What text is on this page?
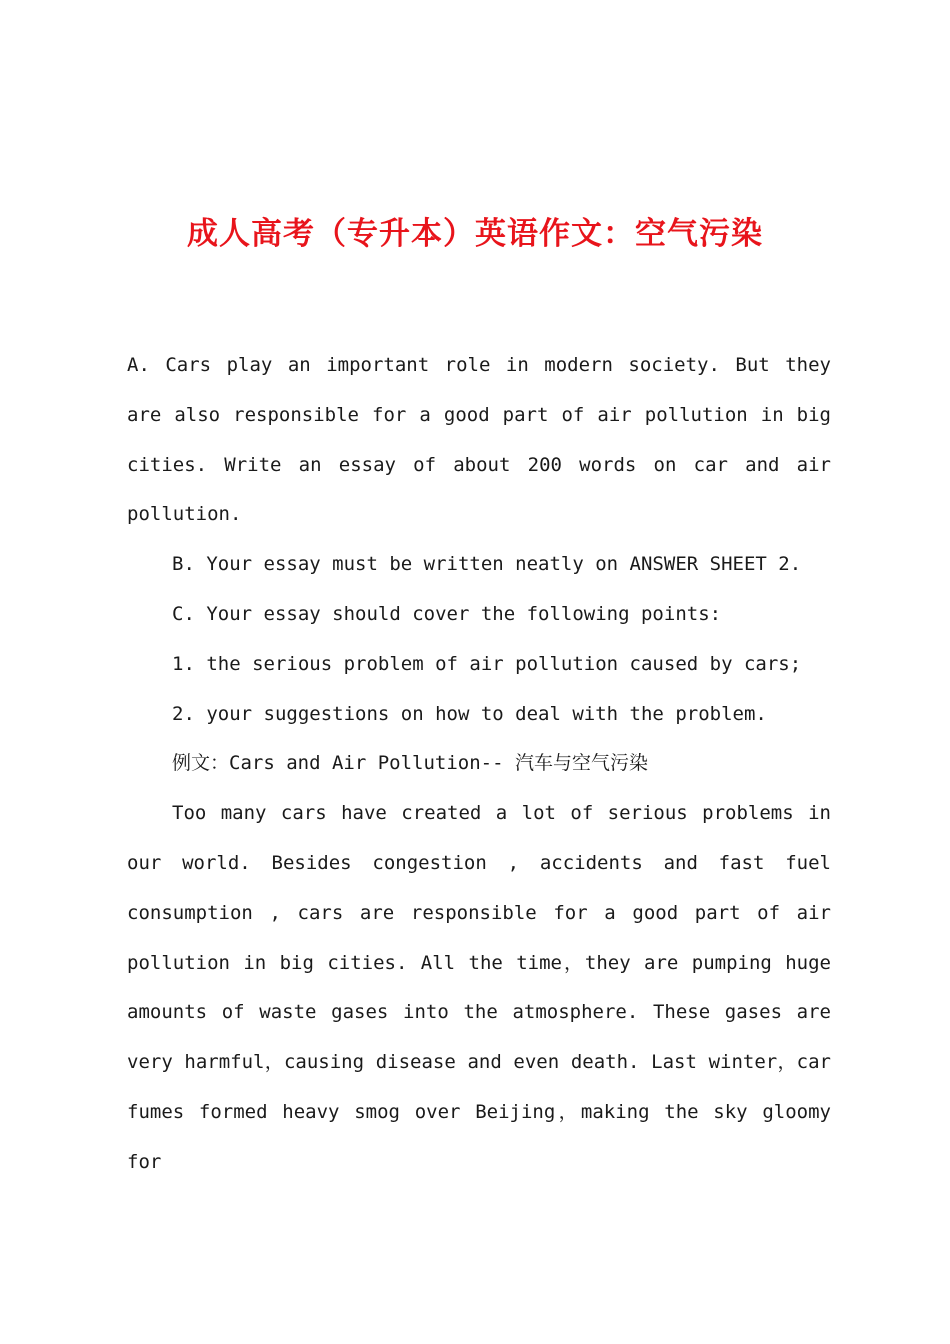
成人高考（专升本）英语作文：空气污染

A. Cars play an important role in modern society. But they are also responsible for a good part of air pollution in big cities. Write an essay of about 200 words on car and air pollution.

B. Your essay must be written neatly on ANSWER SHEET 2.

C. Your essay should cover the following points:

1. the serious problem of air pollution caused by cars;

2. your suggestions on how to deal with the problem.

例文：Cars and Air Pollution-- 汽车与空气污染

Too many cars have created a lot of serious problems in our world. Besides congestion , accidents and fast fuel consumption , cars are responsible for a good part of air pollution in big cities. All the time，they are pumping huge amounts of waste gases into the atmosphere. These gases are very harmful，causing disease and even death. Last winter，car fumes formed heavy smog over Beijing，making the sky gloomy for
